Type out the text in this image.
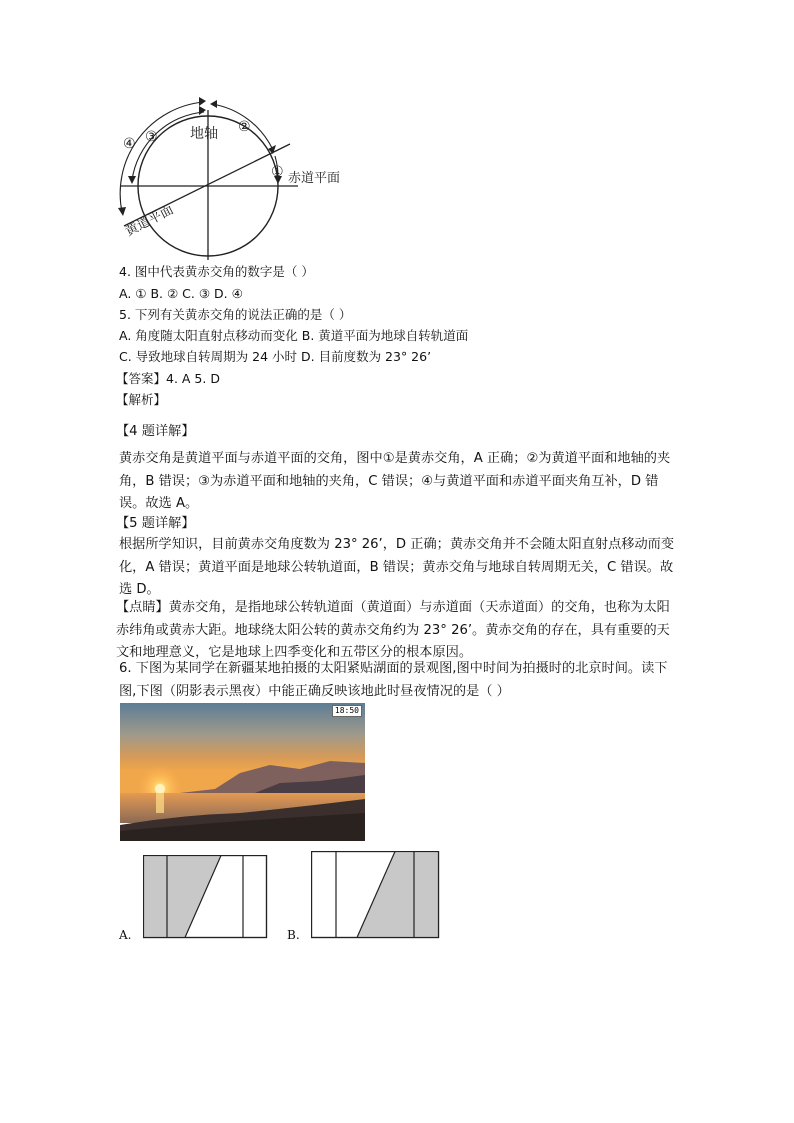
地轴
赤道平面
黄道平面
①
②
③
④
4. 图中代表黄赤交角的数字是（ ）
A. ① B. ② C. ③ D. ④
5. 下列有关黄赤交角的说法正确的是（ ）
A. 角度随太阳直射点移动而变化 B. 黄道平面为地球自转轨道面
C. 导致地球自转周期为 24 小时 D. 目前度数为 23° 26’
【答案】4. A 5. D
【解析】
【4 题详解】
黄赤交角是黄道平面与赤道平面的交角，图中①是黄赤交角，A 正确；②为黄道平面和地轴的夹角，B 错误；③为赤道平面和地轴的夹角，C 错误；④与黄道平面和赤道平面夹角互补，D 错误。故选 A。
【5 题详解】
根据所学知识，目前黄赤交角度数为 23° 26’，D 正确；黄赤交角并不会随太阳直射点移动而变化，A 错误；黄道平面是地球公转轨道面，B 错误；黄赤交角与地球自转周期无关，C 错误。故选 D。
【点睛】黄赤交角，是指地球公转轨道面（黄道面）与赤道面（天赤道面）的交角，也称为太阳赤纬角或黄赤大距。地球绕太阳公转的黄赤交角约为 23° 26’。黄赤交角的存在，具有重要的天文和地理意义，它是地球上四季变化和五带区分的根本原因。
6. 下图为某同学在新疆某地拍摄的太阳紧贴湖面的景观图,图中时间为拍摄时的北京时间。读下图,下图（阴影表示黑夜）中能正确反映该地此时昼夜情况的是（ ）
18:50
A.	B.
